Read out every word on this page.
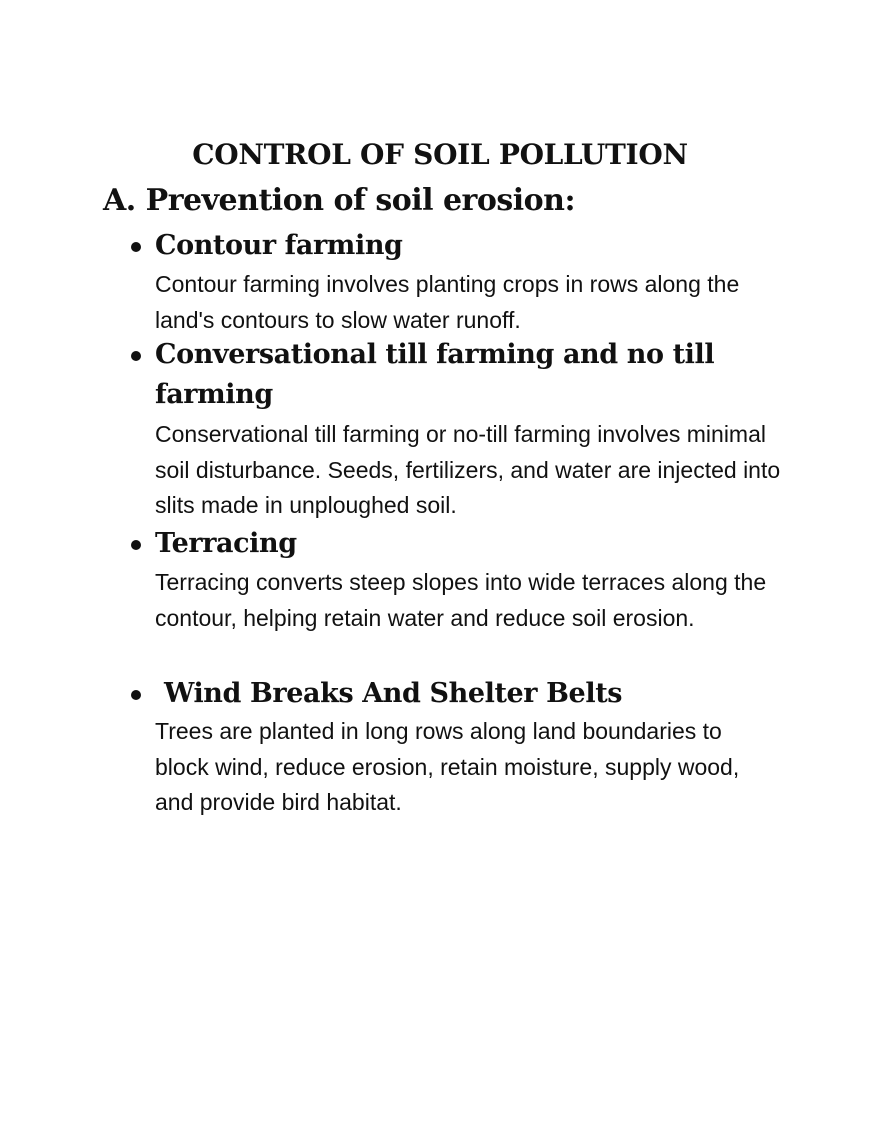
CONTROL OF SOIL POLLUTION
A. Prevention of soil erosion:
Contour farming

Contour farming involves planting crops in rows along the land's contours to slow water runoff.

Conversational till farming and no till farming

Conservational till farming or no-till farming involves minimal soil disturbance. Seeds, fertilizers, and water are injected into slits made in unploughed soil.

Terracing

Terracing converts steep slopes into wide terraces along the contour, helping retain water and reduce soil erosion.

Wind Breaks And Shelter Belts

Trees are planted in long rows along land boundaries to block wind, reduce erosion, retain moisture, supply wood, and provide bird habitat.
